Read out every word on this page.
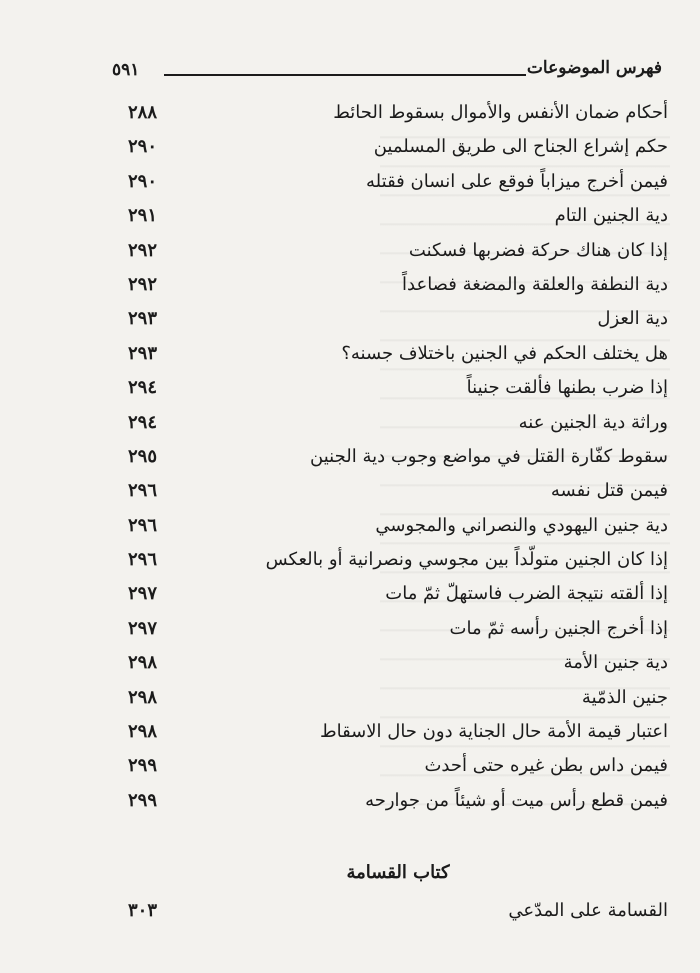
فهرس الموضوعات
٥٩١
أحكام ضمان الأنفس والأموال بسقوط الحائط
٢٨٨
حكم إشراع الجناح الى طريق المسلمين
٢٩٠
فيمن أخرج ميزاباً فوقع على انسان فقتله
٢٩٠
دية الجنين التام
٢٩١
إذا كان هناك حركة فضربها فسكنت
٢٩٢
دية النطفة والعلقة والمضغة فصاعداً
٢٩٢
دية العزل
٢٩٣
هل يختلف الحكم في الجنين باختلاف جسنه؟
٢٩٣
إذا ضرب بطنها فألقت جنيناً
٢٩٤
وراثة دية الجنين عنه
٢٩٤
سقوط كفّارة القتل في مواضع وجوب دية الجنين
٢٩٥
فيمن قتل نفسه
٢٩٦
دية جنين اليهودي والنصراني والمجوسي
٢٩٦
إذا كان الجنين متولّداً بين مجوسي ونصرانية أو بالعكس
٢٩٦
إذا ألقته نتيجة الضرب فاستهلّ ثمّ مات
٢٩٧
إذا أخرج الجنين رأسه ثمّ مات
٢٩٧
دية جنين الأمة
٢٩٨
جنين الذمّية
٢٩٨
اعتبار قيمة الأمة حال الجناية دون حال الاسقاط
٢٩٨
فيمن داس بطن غيره حتى أحدث
٢٩٩
فيمن قطع رأس ميت أو شيئاً من جوارحه
٢٩٩
كتاب القسامة
القسامة على المدّعي
٣٠٣
